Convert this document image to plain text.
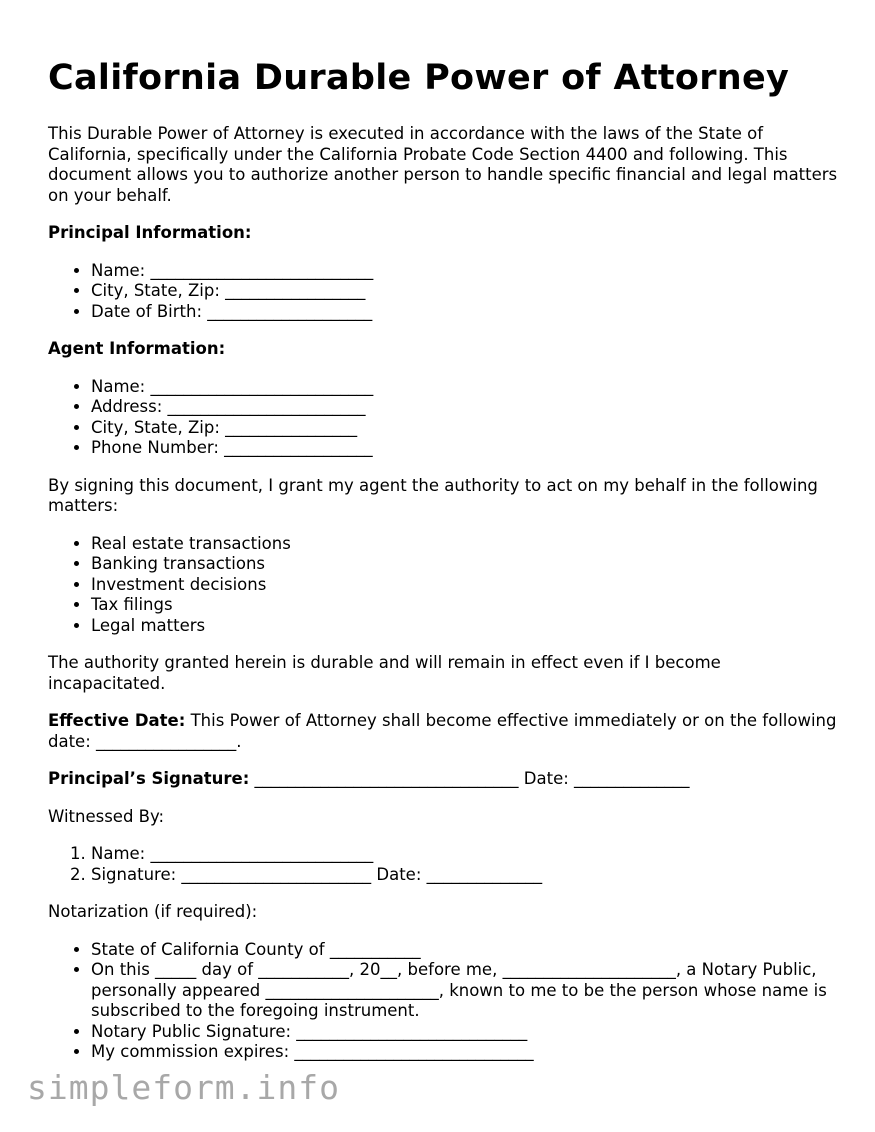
California Durable Power of Attorney

This Durable Power of Attorney is executed in accordance with the laws of the State of California, specifically under the California Probate Code Section 4400 and following. This document allows you to authorize another person to handle specific financial and legal matters on your behalf.

Principal Information:

• Name: ___________________________
• City, State, Zip: _________________
• Date of Birth: ____________________

Agent Information:

• Name: ___________________________
• Address: ________________________
• City, State, Zip: ________________
• Phone Number: __________________

By signing this document, I grant my agent the authority to act on my behalf in the following matters:

• Real estate transactions
• Banking transactions
• Investment decisions
• Tax filings
• Legal matters

The authority granted herein is durable and will remain in effect even if I become incapacitated.

Effective Date: This Power of Attorney shall become effective immediately or on the following date: _________________.

Principal’s Signature: ________________________________ Date: ______________

Witnessed By:

1. Name: ___________________________
2. Signature: _______________________ Date: ______________

Notarization (if required):

• State of California County of ___________
• On this _____ day of ___________, 20__, before me, _____________________, a Notary Public, personally appeared _____________________, known to me to be the person whose name is subscribed to the foregoing instrument.
• Notary Public Signature: ____________________________
• My commission expires: _____________________________
simpleform.info
